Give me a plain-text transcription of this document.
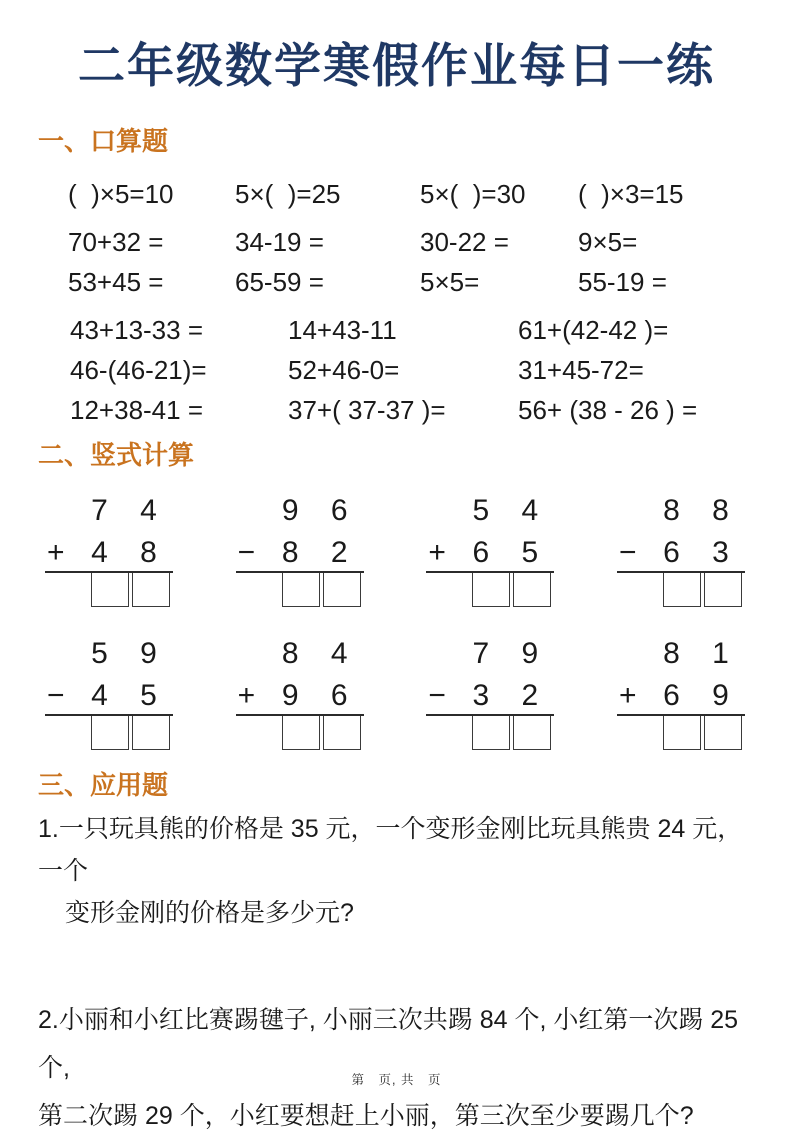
二年级数学寒假作业每日一练
一、口算题
(  )×5=10	5×(  )=25	5×(  )=30	(  )×3=15
70+32 =	34-19 =	30-22 =	9×5=
53+45 =	65-59 =	5×5=	55-19 =
43+13-33 =	14+43-11	61+(42-42 )=
46-(46-21)=	52+46-0=	31+45-72=
12+38-41 =	37+( 37-37 )=	56+ (38 - 26 ) =
二、竖式计算
7	4
+ 4	8
9	6
− 8	2
5	4
+ 6	5
8	8
− 6	3
5	9
− 4	5
8	4
+ 9	6
7	9
− 3	2
8	1
+ 6	9
三、应用题
1.一只玩具熊的价格是 35 元，一个变形金刚比玩具熊贵 24 元，一个
变形金刚的价格是多少元?
2.小丽和小红比赛踢毽子, 小丽三次共踢 84 个, 小红第一次踢 25 个,
第二次踢 29 个，小红要想赶上小丽，第三次至少要踢几个?
第　页, 共　页
